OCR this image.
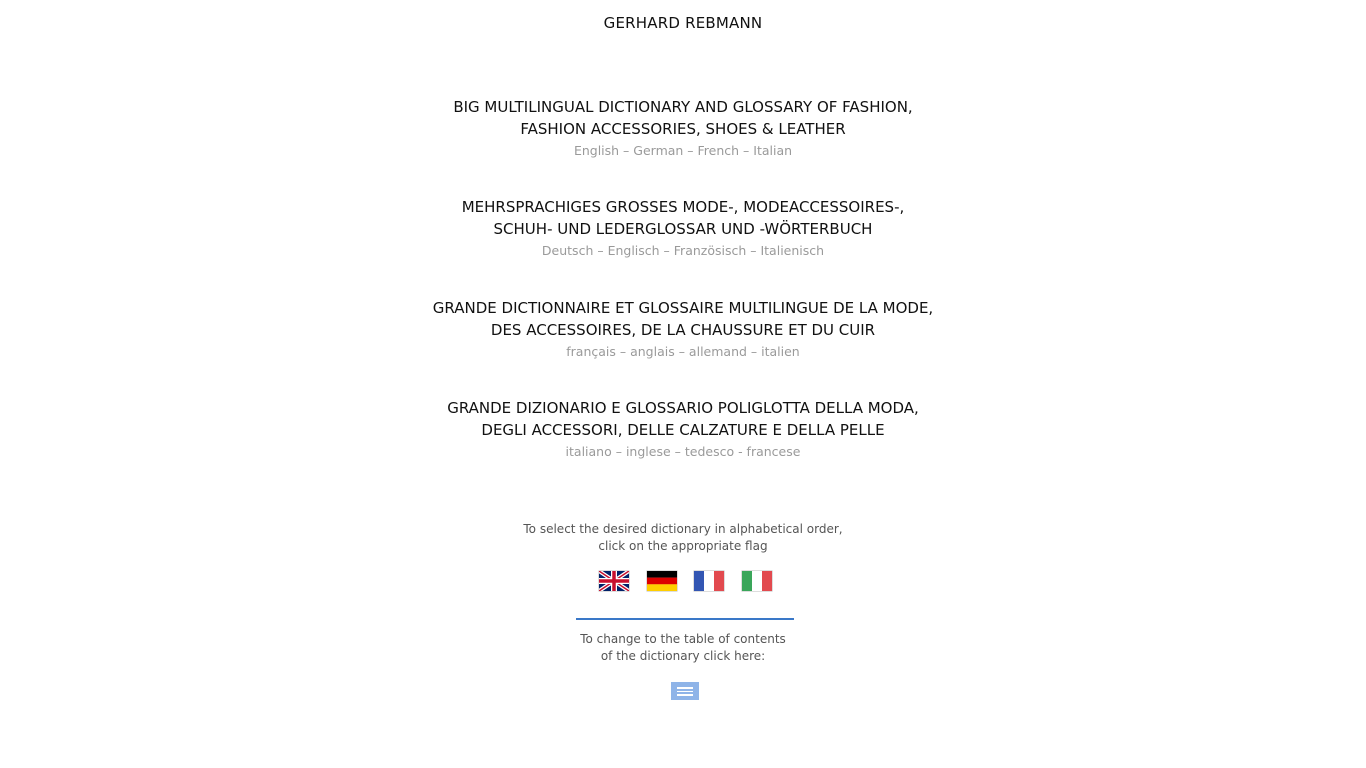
GERHARD REBMANN
BIG MULTILINGUAL DICTIONARY AND GLOSSARY OF FASHION,
FASHION ACCESSORIES, SHOES & LEATHER
English – German – French – Italian
MEHRSPRACHIGES GROSSES MODE-, MODEACCESSOIRES-,
SCHUH- UND LEDERGLOSSAR UND -WÖRTERBUCH
Deutsch – Englisch – Französisch – Italienisch
GRANDE DICTIONNAIRE ET GLOSSAIRE MULTILINGUE DE LA MODE,
DES ACCESSOIRES, DE LA CHAUSSURE ET DU CUIR
français – anglais – allemand – italien
GRANDE DIZIONARIO E GLOSSARIO POLIGLOTTA DELLA MODA,
DEGLI ACCESSORI, DELLE CALZATURE E DELLA PELLE
italiano – inglese – tedesco - francese
To select the desired dictionary in alphabetical order,
click on the appropriate flag
To change to the table of contents
of the dictionary click here:
